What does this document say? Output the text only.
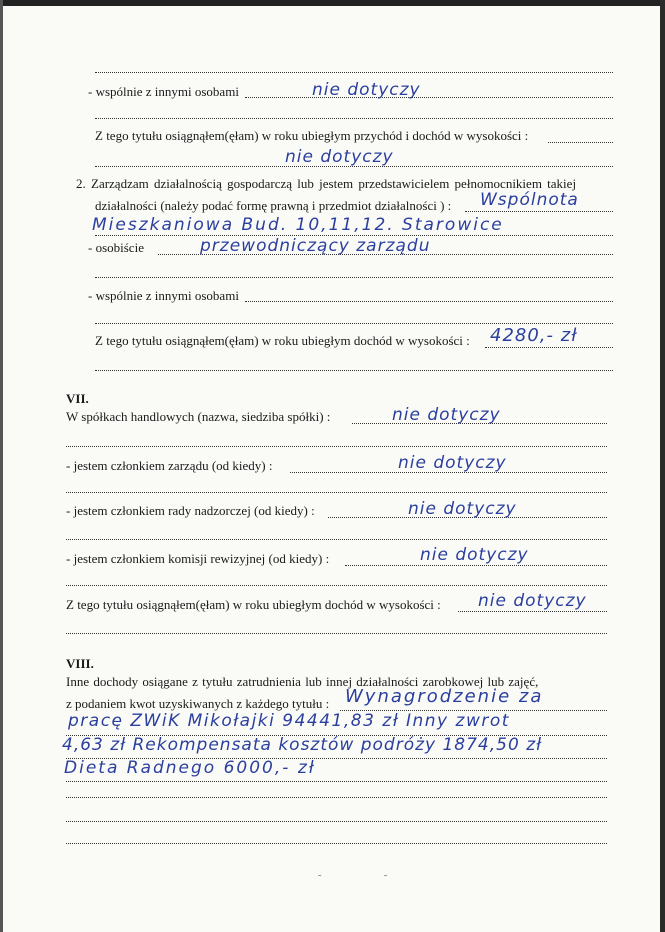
- wspólnie z innymi osobami	nie dotyczy
Z tego tytułu osiągnąłem(ęłam) w roku ubiegłym przychód i dochód w wysokości :
nie dotyczy
2. Zarządzam działalnością gospodarczą lub jestem przedstawicielem pełnomocnikiem takiej
działalności (należy podać formę prawną i przedmiot działalności ) : Wspólnota
Mieszkaniowa Bud. 10,11,12. Starowice
- osobiście	przewodniczący zarządu
- wspólnie z innymi osobami
Z tego tytułu osiągnąłem(ęłam) w roku ubiegłym dochód w wysokości : 4280,- zł
VII.
W spółkach handlowych (nazwa, siedziba spółki) :	nie dotyczy
- jestem członkiem zarządu (od kiedy) :	nie dotyczy
- jestem członkiem rady nadzorczej (od kiedy) :	nie dotyczy
- jestem członkiem komisji rewizyjnej (od kiedy) :	nie dotyczy
Z tego tytułu osiągnąłem(ęłam) w roku ubiegłym dochód w wysokości : nie dotyczy
VIII.
Inne dochody osiągane z tytułu zatrudnienia lub innej działalności zarobkowej lub zajęć,
z podaniem kwot uzyskiwanych z każdego tytułu : Wynagrodzenie za
pracę ZWiK Mikołajki 94441,83 zł Inny zwrot
4,63 zł Rekompensata kosztów podróży 1874,50 zł
Dieta Radnego 6000,- zł
˜ ˜
